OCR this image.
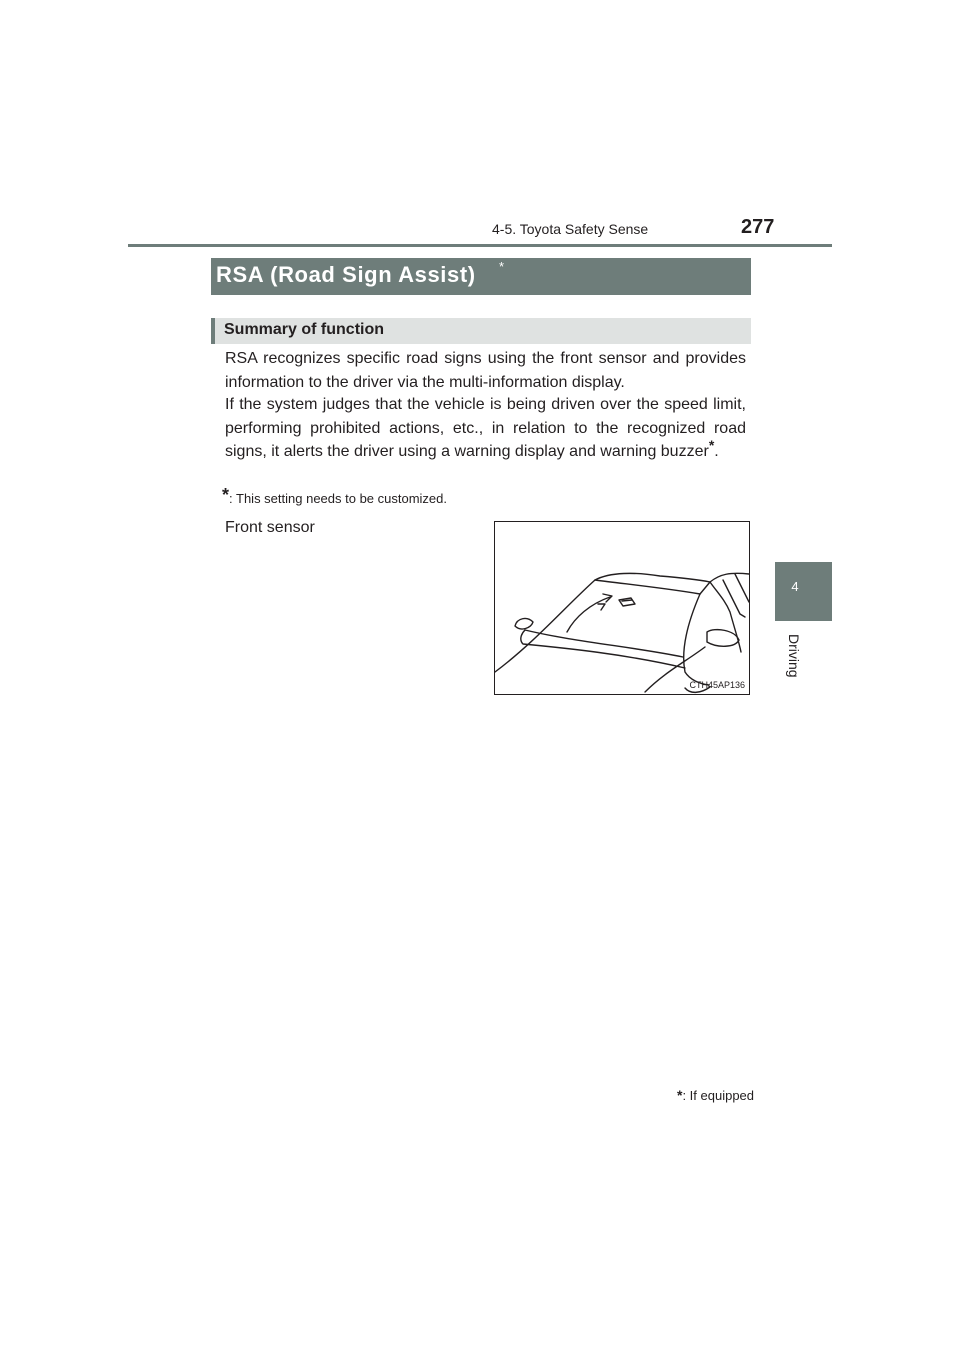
4-5. Toyota Safety Sense	277
RSA (Road Sign Assist) *
Summary of function
RSA recognizes specific road signs using the front sensor and provides information to the driver via the multi-information display.
If the system judges that the vehicle is being driven over the speed limit, performing prohibited actions, etc., in relation to the recognized road signs, it alerts the driver using a warning display and warning buzzer*.
*: This setting needs to be customized.
Front sensor
CTH45AP136
4
Driving
*: If equipped
